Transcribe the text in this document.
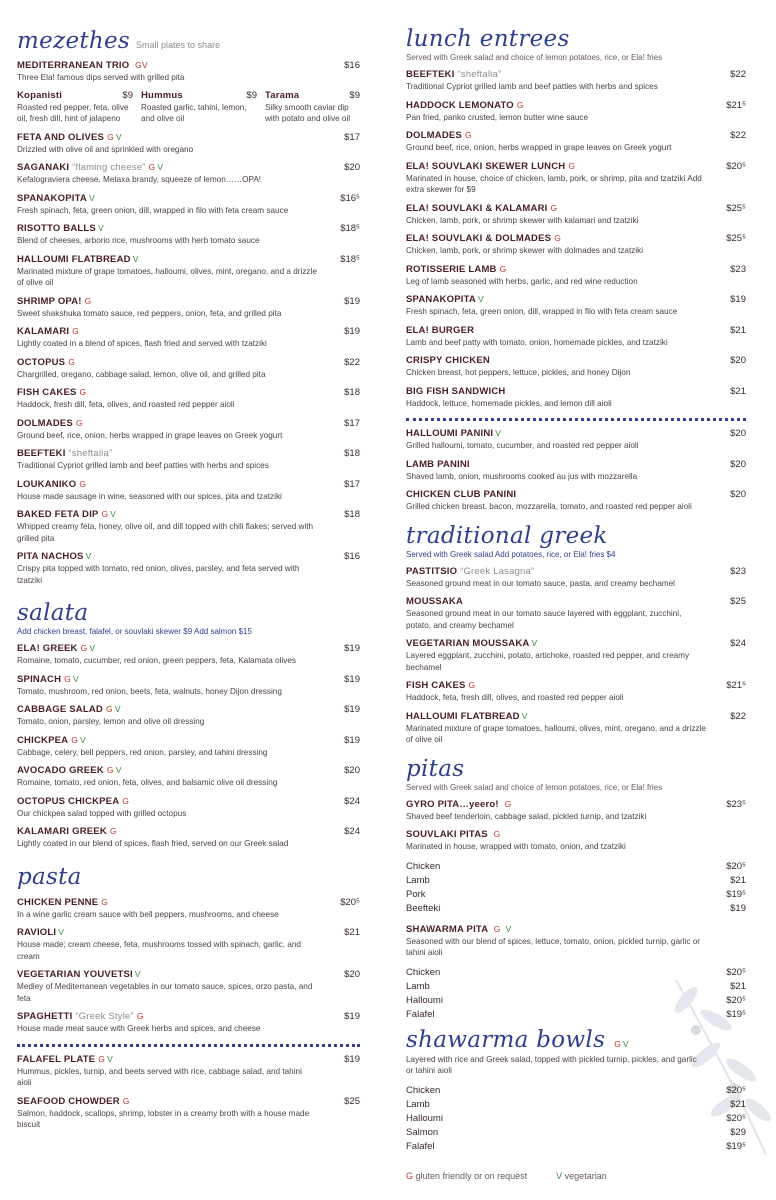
mezethes Small plates to share
MEDITERRANEAN TRIO GV	$16
Three Ela! famous dips served with grilled pita
Kopanisti	$9
Roasted red pepper, feta, olive oil, fresh dill, hint of jalapeno
Hummus	$9
Roasted garlic, tahini, lemon, and olive oil
Tarama	$9
Silky smooth caviar dip with potato and olive oil
FETA AND OLIVES G V	$17
Drizzled with olive oil and sprinkled with oregano
SAGANAKI “flaming cheese” G V	$20
Kefalograviera cheese, Metaxa brandy, squeeze of lemon……OPA!
SPANAKOPITA V	$16⁵
Fresh spinach, feta, green onion, dill, wrapped in filo with feta cream sauce
RISOTTO BALLS V	$18⁵
Blend of cheeses, arborio rice, mushrooms with herb tomato sauce
HALLOUMI FLATBREAD V	$18⁵
Marinated mixture of grape tomatoes, halloumi, olives, mint, oregano, and a drizzle of olive oil
SHRIMP OPA! G	$19
Sweet shakshuka tomato sauce, red peppers, onion, feta, and grilled pita
KALAMARI G	$19
Lightly coated in a blend of spices, flash fried and served with tzatziki
OCTOPUS G	$22
Chargrilled, oregano, cabbage salad, lemon, olive oil, and grilled pita
FISH CAKES G	$18
Haddock, fresh dill, feta, olives, and roasted red pepper aioli
DOLMADES G	$17
Ground beef, rice, onion, herbs wrapped in grape leaves on Greek yogurt
BEEFTEKI “sheftalia”	$18
Traditional Cypriot grilled lamb and beef patties with herbs and spices
LOUKANIKO G	$17
House made sausage in wine, seasoned with our spices, pita and tzatziki
BAKED FETA DIP G V	$18
Whipped creamy feta, honey, olive oil, and dill topped with chili flakes; served with grilled pita
PITA NACHOS V	$16
Crispy pita topped with tomato, red onion, olives, parsley, and feta served with tzatziki
salata
Add chicken breast, falafel, or souvlaki skewer $9 Add salmon $15
ELA! GREEK G V	$19
Romaine, tomato, cucumber, red onion, green peppers, feta, Kalamata olives
SPINACH G V	$19
Tomato, mushroom, red onion, beets, feta, walnuts, honey Dijon dressing
CABBAGE SALAD G V	$19
Tomato, onion, parsley, lemon and olive oil dressing
CHICKPEA G V	$19
Cabbage, celery, bell peppers, red onion, parsley, and tahini dressing
AVOCADO GREEK G V	$20
Romaine, tomato, red onion, feta, olives, and balsamic olive oil dressing
OCTOPUS CHICKPEA G	$24
Our chickpea salad topped with grilled octopus
KALAMARI GREEK G	$24
Lightly coated in our blend of spices, flash fried, served on our Greek salad
pasta
CHICKEN PENNE G	$20⁵
In a wine garlic cream sauce with bell peppers, mushrooms, and cheese
RAVIOLI V	$21
House made; cream cheese, feta, mushrooms tossed with spinach, garlic, and cream
VEGETARIAN YOUVETSI V	$20
Medley of Mediterranean vegetables in our tomato sauce, spices, orzo pasta, and feta
SPAGHETTI “Greek Style” G	$19
House made meat sauce with Greek herbs and spices, and cheese
FALAFEL PLATE G V	$19
Hummus, pickles, turnip, and beets served with rice, cabbage salad, and tahini aioli
SEAFOOD CHOWDER G	$25
Salmon, haddock, scallops, shrimp, lobster in a creamy broth with a house made biscuit
lunch entrees
Served with Greek salad and choice of lemon potatoes, rice, or Ela! fries
BEEFTEKI “sheftalia”	$22
Traditional Cypriot grilled lamb and beef patties with herbs and spices
HADDOCK LEMONATO G	$21⁵
Pan fried, panko crusted, lemon butter wine sauce
DOLMADES G	$22
Ground beef, rice, onion, herbs wrapped in grape leaves on Greek yogurt
ELA! SOUVLAKI SKEWER LUNCH G	$20⁵
Marinated in house, choice of chicken, lamb, pork, or shrimp, pita and tzatziki Add extra skewer for $9
ELA! SOUVLAKI & KALAMARI G	$25⁵
Chicken, lamb, pork, or shrimp skewer with kalamari and tzatziki
ELA! SOUVLAKI & DOLMADES G	$25⁵
Chicken, lamb, pork, or shrimp skewer with dolmades and tzatziki
ROTISSERIE LAMB G	$23
Leg of lamb seasoned with herbs, garlic, and red wine reduction
SPANAKOPITA V	$19
Fresh spinach, feta, green onion, dill, wrapped in filo with feta cream sauce
ELA! BURGER	$21
Lamb and beef patty with tomato, onion, homemade pickles, and tzatziki
CRISPY CHICKEN	$20
Chicken breast, hot peppers, lettuce, pickles, and honey Dijon
BIG FISH SANDWICH	$21
Haddock, lettuce, homemade pickles, and lemon dill aioli
HALLOUMI PANINI V	$20
Grilled halloumi, tomato, cucumber, and roasted red pepper aioli
LAMB PANINI	$20
Shaved lamb, onion, mushrooms cooked au jus with mozzarella
CHICKEN CLUB PANINI	$20
Grilled chicken breast, bacon, mozzarella, tomato, and roasted red pepper aioli
traditional greek
Served with Greek salad Add potatoes, rice, or Ela! fries $4
PASTITSIO “Greek Lasagna”	$23
Seasoned ground meat in our tomato sauce, pasta, and creamy bechamel
MOUSSAKA	$25
Seasoned ground meat in our tomato sauce layered with eggplant, zucchini, potato, and creamy bechamel
VEGETARIAN MOUSSAKA V	$24
Layered eggplant, zucchini, potato, artichoke, roasted red pepper, and creamy bechamel
FISH CAKES G	$21⁵
Haddock, feta, fresh dill, olives, and roasted red pepper aioli
HALLOUMI FLATBREAD V	$22
Marinated mixture of grape tomatoes, halloumi, olives, mint, oregano, and a drizzle of olive oil
pitas
Served with Greek salad and choice of lemon potatoes, rice, or Ela! fries
GYRO PITA…yeero! G	$23⁵
Shaved beef tenderloin, cabbage salad, pickled turnip, and tzatziki
SOUVLAKI PITAS G
Marinated in house, wrapped with tomato, onion, and tzatziki
Chicken	$20⁵
Lamb	$21
Pork	$19⁵
Beefteki	$19
SHAWARMA PITA G V
Seasoned with our blend of spices, lettuce, tomato, onion, pickled turnip, garlic or tahini aioli
Chicken	$20⁵
Lamb	$21
Halloumi	$20⁵
Falafel	$19⁵
shawarma bowls G V
Layered with rice and Greek salad, topped with pickled turnip, pickles, and garlic or tahini aioli
Chicken	$20⁵
Lamb	$21
Halloumi	$20⁵
Salmon	$29
Falafel	$19⁵
G gluten friendly or on request	V vegetarian
